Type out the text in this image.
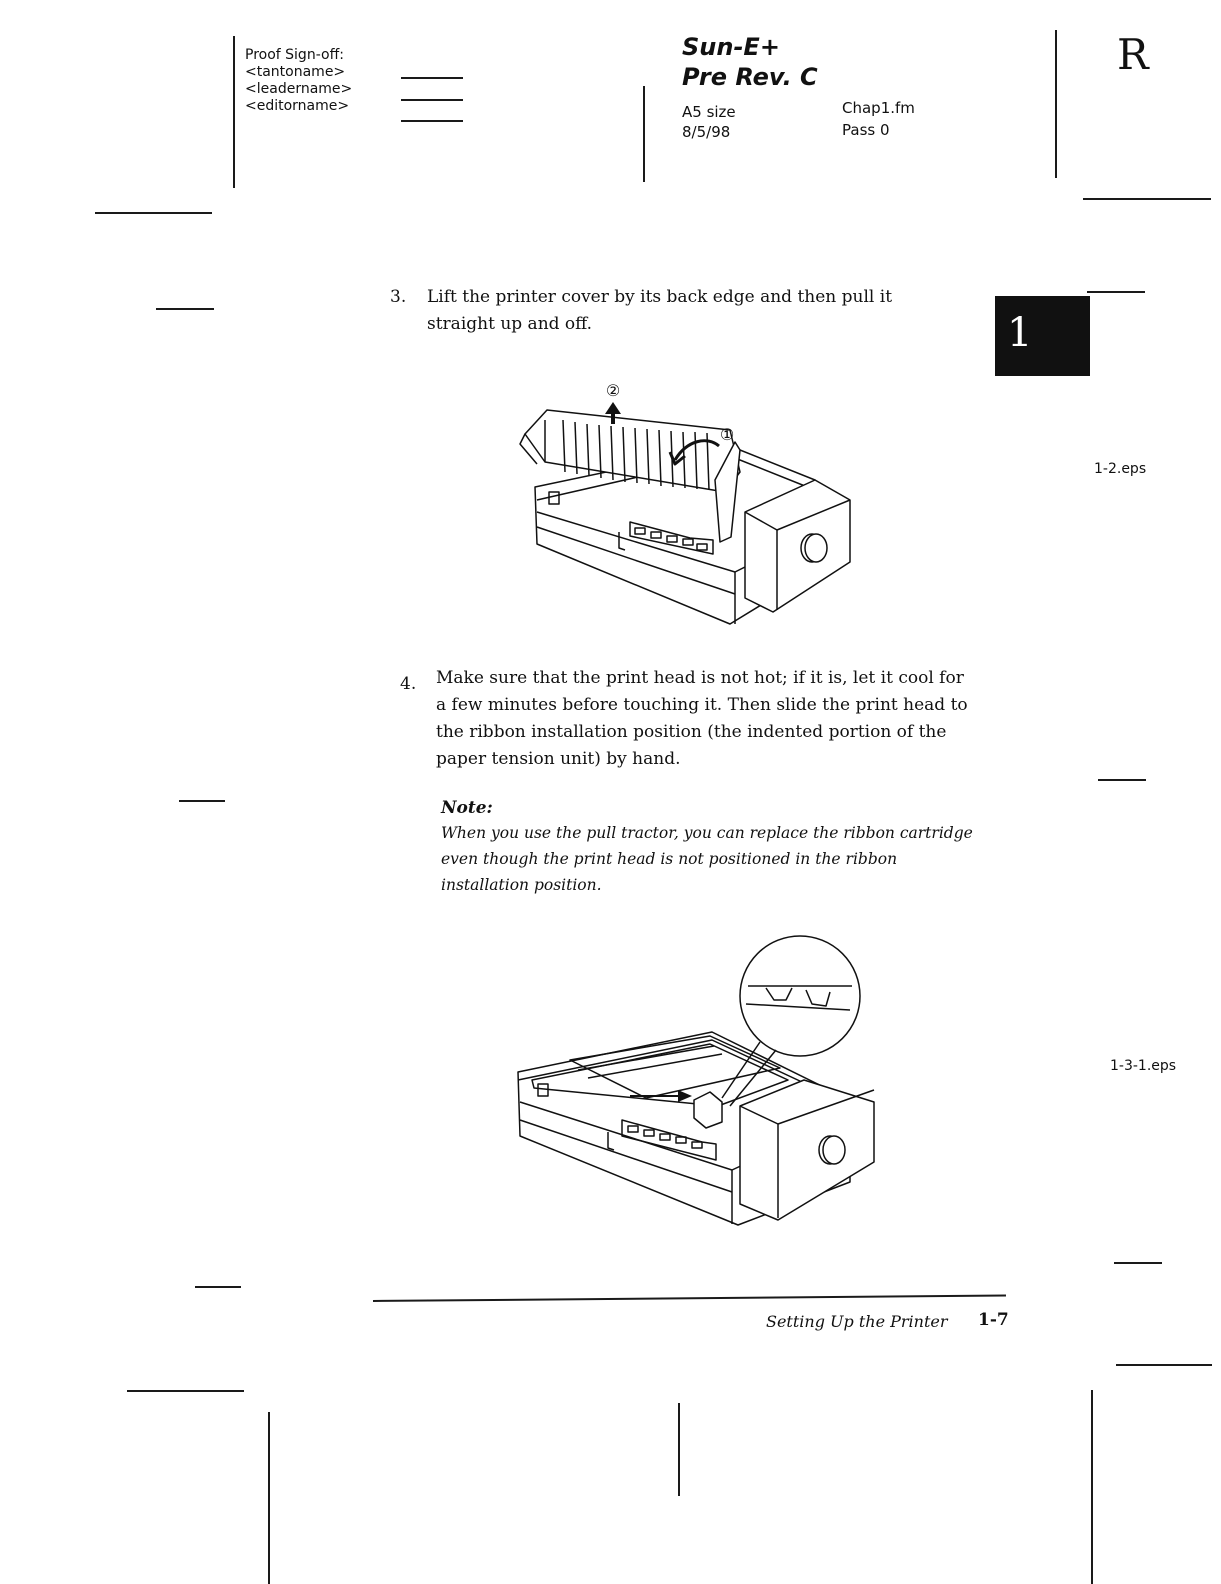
Proof Sign-off:
<tantoname>
<leadername>
<editorname>
Sun-E+
Pre Rev. C
A5 size
8/5/98
Chap1.fm
Pass 0
R
1
3. Lift the printer cover by its back edge and then pull it
straight up and off.
②
①
1-2.eps
4. Make sure that the print head is not hot; if it is, let it cool for
a few minutes before touching it. Then slide the print head to
the ribbon installation position (the indented portion of the
paper tension unit) by hand.
Note:
When you use the pull tractor, you can replace the ribbon cartridge
even though the print head is not positioned in the ribbon
installation position.
1-3-1.eps
Setting Up the Printer 1-7
